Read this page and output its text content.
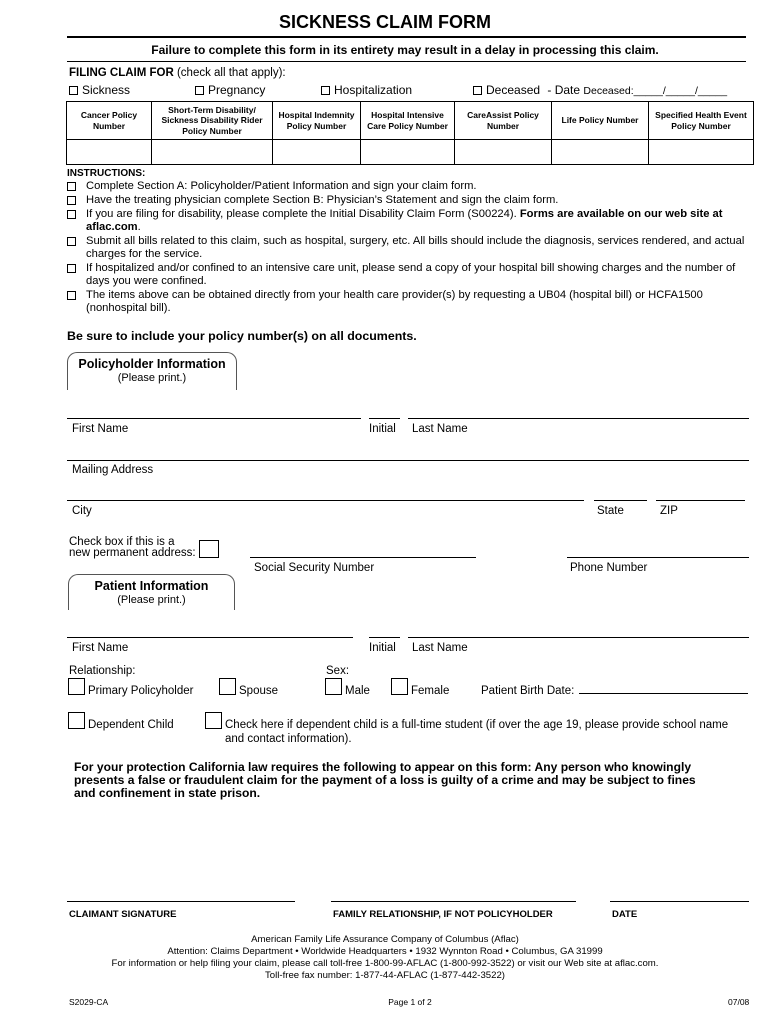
SICKNESS CLAIM FORM
Failure to complete this form in its entirety may result in a delay in processing this claim.
FILING CLAIM FOR (check all that apply):
Sickness	Pregnancy	Hospitalization	Deceased - Date Deceased:_____/_____/_____
Cancer Policy Number	Short-Term Disability/ Sickness Disability Rider Policy Number	Hospital Indemnity Policy Number	Hospital Intensive Care Policy Number	CareAssist Policy Number	Life Policy Number	Specified Health Event Policy Number

INSTRUCTIONS:
Complete Section A: Policyholder/Patient Information and sign your claim form.
Have the treating physician complete Section B: Physician’s Statement and sign the claim form.
If you are filing for disability, please complete the Initial Disability Claim Form (S00224). Forms are available on our web site at aflac.com.
Submit all bills related to this claim, such as hospital, surgery, etc. All bills should include the diagnosis, services rendered, and actual charges for the service.
If hospitalized and/or confined to an intensive care unit, please send a copy of your hospital bill showing charges and the number of days you were confined.
The items above can be obtained directly from your health care provider(s) by requesting a UB04 (hospital bill) or HCFA1500 (nonhospital bill).
Be sure to include your policy number(s) on all documents.
Policyholder Information
(Please print.)
First Name	Initial Last Name
Mailing Address
City	State	ZIP
Check box if this is a
new permanent address:
Social Security Number	Phone Number
Patient Information
(Please print.)
First Name	Initial Last Name
Relationship:	Sex:
Primary Policyholder	Spouse	Male	Female	Patient Birth Date:
Dependent Child	Check here if dependent child is a full-time student (if over the age 19, please provide school name
and contact information).
For your protection California law requires the following to appear on this form: Any person who knowingly
presents a false or fraudulent claim for the payment of a loss is guilty of a crime and may be subject to fines
and confinement in state prison.
CLAIMANT SIGNATURE	FAMILY RELATIONSHIP, IF NOT POLICYHOLDER	DATE
American Family Life Assurance Company of Columbus (Aflac)
Attention: Claims Department • Worldwide Headquarters • 1932 Wynnton Road • Columbus, GA 31999
For information or help filing your claim, please call toll-free 1-800-99-AFLAC (1-800-992-3522) or visit our Web site at aflac.com.
Toll-free fax number: 1-877-44-AFLAC (1-877-442-3522)
S2029-CA	Page 1 of 2	07/08
